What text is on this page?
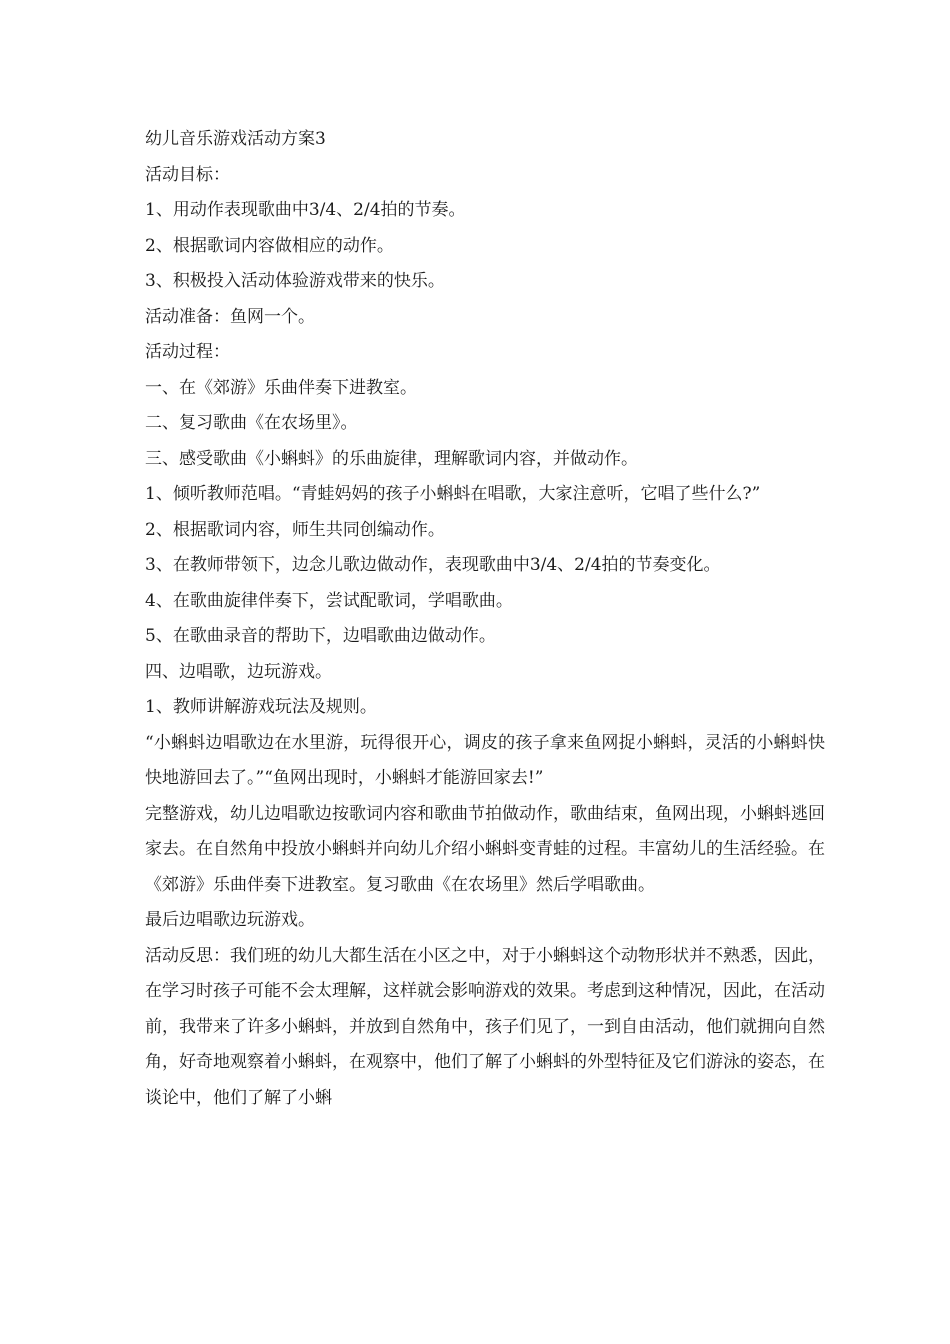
幼儿音乐游戏活动方案3

活动目标：

1、用动作表现歌曲中3/4、2/4拍的节奏。

2、根据歌词内容做相应的动作。

3、积极投入活动体验游戏带来的快乐。

活动准备：鱼网一个。

活动过程：

一、在《郊游》乐曲伴奏下进教室。

二、复习歌曲《在农场里》。

三、感受歌曲《小蝌蚪》的乐曲旋律，理解歌词内容，并做动作。

1、倾听教师范唱。“青蛙妈妈的孩子小蝌蚪在唱歌，大家注意听，它唱了些什么?”

2、根据歌词内容，师生共同创编动作。

3、在教师带领下，边念儿歌边做动作，表现歌曲中3/4、2/4拍的节奏变化。

4、在歌曲旋律伴奏下，尝试配歌词，学唱歌曲。

5、在歌曲录音的帮助下，边唱歌曲边做动作。

四、边唱歌，边玩游戏。

1、教师讲解游戏玩法及规则。

“小蝌蚪边唱歌边在水里游，玩得很开心，调皮的孩子拿来鱼网捉小蝌蚪，灵活的小蝌蚪快快地游回去了。”“鱼网出现时，小蝌蚪才能游回家去!”

完整游戏，幼儿边唱歌边按歌词内容和歌曲节拍做动作，歌曲结束，鱼网出现，小蝌蚪逃回家去。在自然角中投放小蝌蚪并向幼儿介绍小蝌蚪变青蛙的过程。丰富幼儿的生活经验。在《郊游》乐曲伴奏下进教室。复习歌曲《在农场里》然后学唱歌曲。

最后边唱歌边玩游戏。

活动反思：我们班的幼儿大都生活在小区之中，对于小蝌蚪这个动物形状并不熟悉，因此，在学习时孩子可能不会太理解，这样就会影响游戏的效果。考虑到这种情况，因此，在活动前，我带来了许多小蝌蚪，并放到自然角中，孩子们见了，一到自由活动，他们就拥向自然角，好奇地观察着小蝌蚪，在观察中，他们了解了小蝌蚪的外型特征及它们游泳的姿态，在谈论中，他们了解了小蝌
